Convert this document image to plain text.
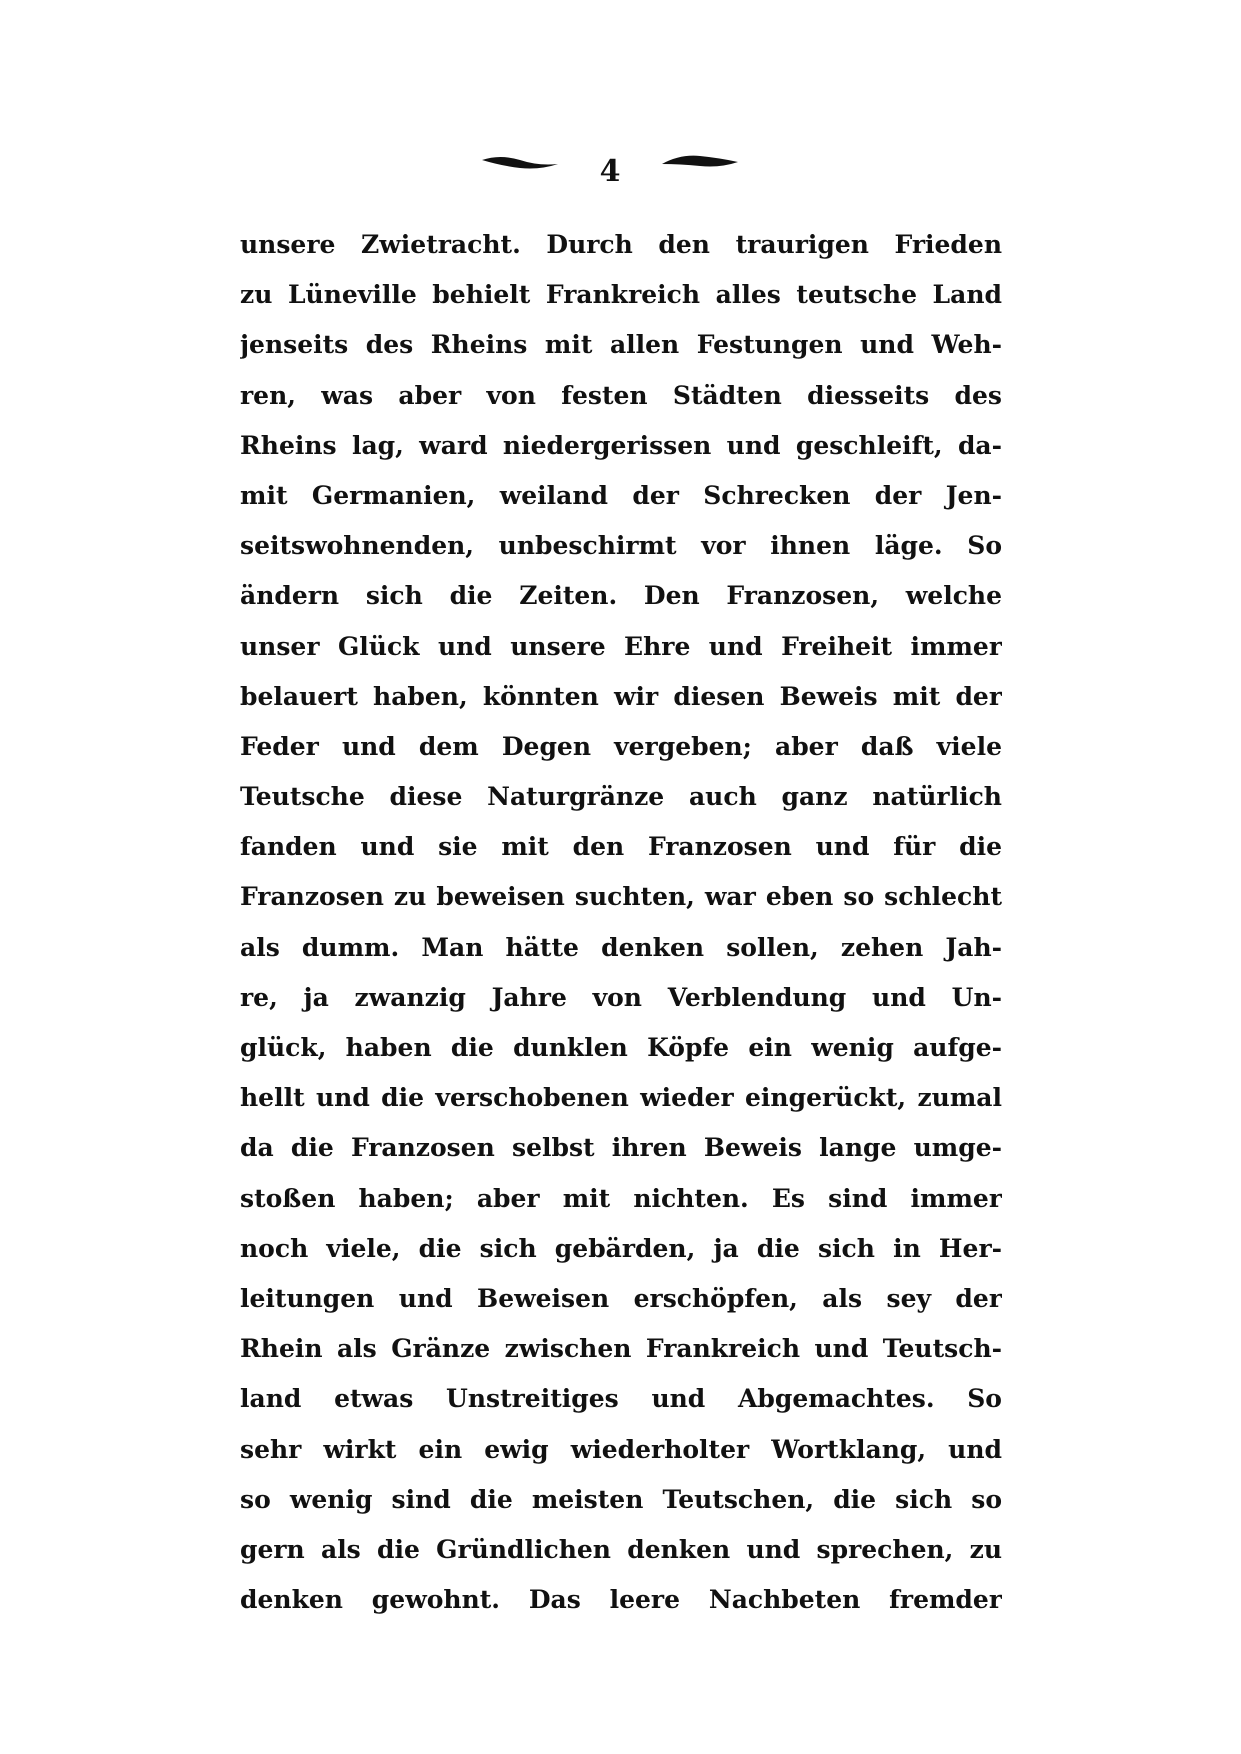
4
unsere Zwietracht. Durch den traurigen Frieden
zu Lüneville behielt Frankreich alles teutsche Land
jenseits des Rheins mit allen Festungen und Weh-
ren, was aber von festen Städten diesseits des
Rheins lag, ward niedergerissen und geschleift, da-
mit Germanien, weiland der Schrecken der Jen-
seitswohnenden, unbeschirmt vor ihnen läge. So
ändern sich die Zeiten. Den Franzosen, welche
unser Glück und unsere Ehre und Freiheit immer
belauert haben, könnten wir diesen Beweis mit der
Feder und dem Degen vergeben; aber daß viele
Teutsche diese Naturgränze auch ganz natürlich
fanden und sie mit den Franzosen und für die
Franzosen zu beweisen suchten, war eben so schlecht
als dumm. Man hätte denken sollen, zehen Jah-
re, ja zwanzig Jahre von Verblendung und Un-
glück, haben die dunklen Köpfe ein wenig aufge-
hellt und die verschobenen wieder eingerückt, zumal
da die Franzosen selbst ihren Beweis lange umge-
stoßen haben; aber mit nichten. Es sind immer
noch viele, die sich gebärden, ja die sich in Her-
leitungen und Beweisen erschöpfen, als sey der
Rhein als Gränze zwischen Frankreich und Teutsch-
land etwas Unstreitiges und Abgemachtes. So
sehr wirkt ein ewig wiederholter Wortklang, und
so wenig sind die meisten Teutschen, die sich so
gern als die Gründlichen denken und sprechen, zu
denken gewohnt. Das leere Nachbeten fremder
